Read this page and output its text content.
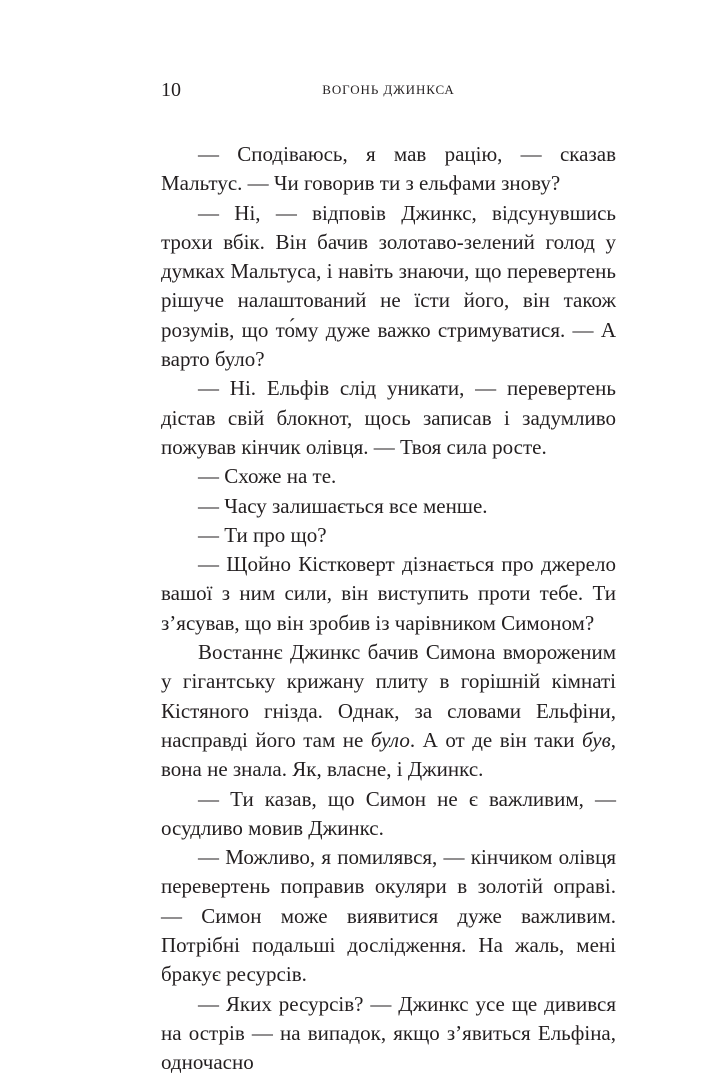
10	ВОГОНЬ ДЖИНКСА

— Сподіваюсь, я мав рацію, — сказав Мальтус. — Чи говорив ти з ельфами знову?

— Ні, — відповів Джинкс, відсунувшись трохи вбік. Він бачив золотаво-зелений голод у думках Мальтуса, і навіть знаючи, що перевертень рішуче налаштований не їсти його, він також розумів, що то́му дуже важко стримуватися. — А варто було?

— Ні. Ельфів слід уникати, — перевертень дістав свій блокнот, щось записав і задумливо пожував кінчик олівця. — Твоя сила росте.

— Схоже на те.

— Часу залишається все менше.

— Ти про що?

— Щойно Кістковерт дізнається про джерело вашої з ним сили, він виступить проти тебе. Ти з’ясував, що він зробив із чарівником Симоном?

Востаннє Джинкс бачив Симона вмороженим у гігантську крижану плиту в горішній кімнаті Кістяного гнізда. Однак, за словами Ельфіни, насправді його там не було. А от де він таки був, вона не знала. Як, власне, і Джинкс.

— Ти казав, що Симон не є важливим, — осудливо мовив Джинкс.

— Можливо, я помилявся, — кінчиком олівця перевертень поправив окуляри в золотій оправі. — Симон може виявитися дуже важливим. Потрібні подальші дослідження. На жаль, мені бракує ресурсів.

— Яких ресурсів? — Джинкс усе ще дивився на острів — на випадок, якщо з’явиться Ельфіна, одночасно
